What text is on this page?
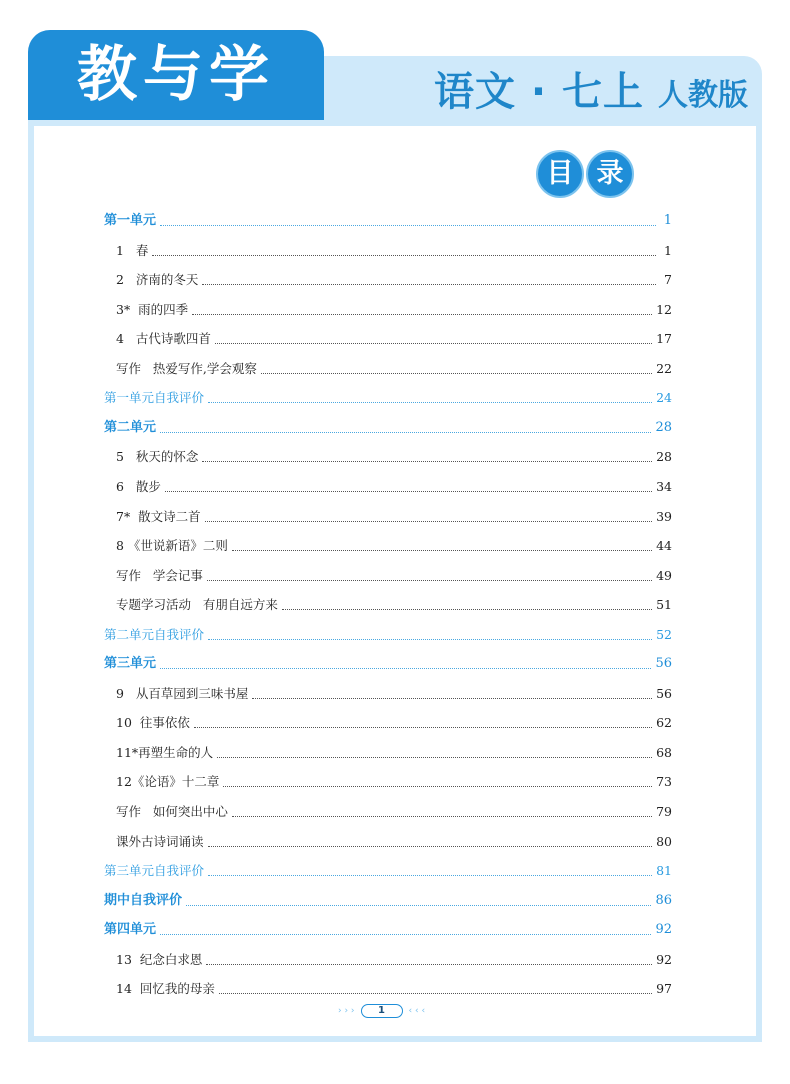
教与学	语文 · 七上 人教版
目 录
第一单元	1
1   春	1
2   济南的冬天	7
3*  雨的四季	12
4   古代诗歌四首	17
写作   热爱写作,学会观察	22
第一单元自我评价	24
第二单元	28
5   秋天的怀念	28
6   散步	34
7*  散文诗二首	39
8 《世说新语》二则	44
写作   学会记事	49
专题学习活动   有朋自远方来	51
第二单元自我评价	52
第三单元	56
9   从百草园到三味书屋	56
10  往事依依	62
11*再塑生命的人	68
12《论语》十二章	73
写作   如何突出中心	79
课外古诗词诵读	80
第三单元自我评价	81
期中自我评价	86
第四单元	92
13  纪念白求恩	92
14  回忆我的母亲	97
› › ›	1	‹ ‹ ‹
